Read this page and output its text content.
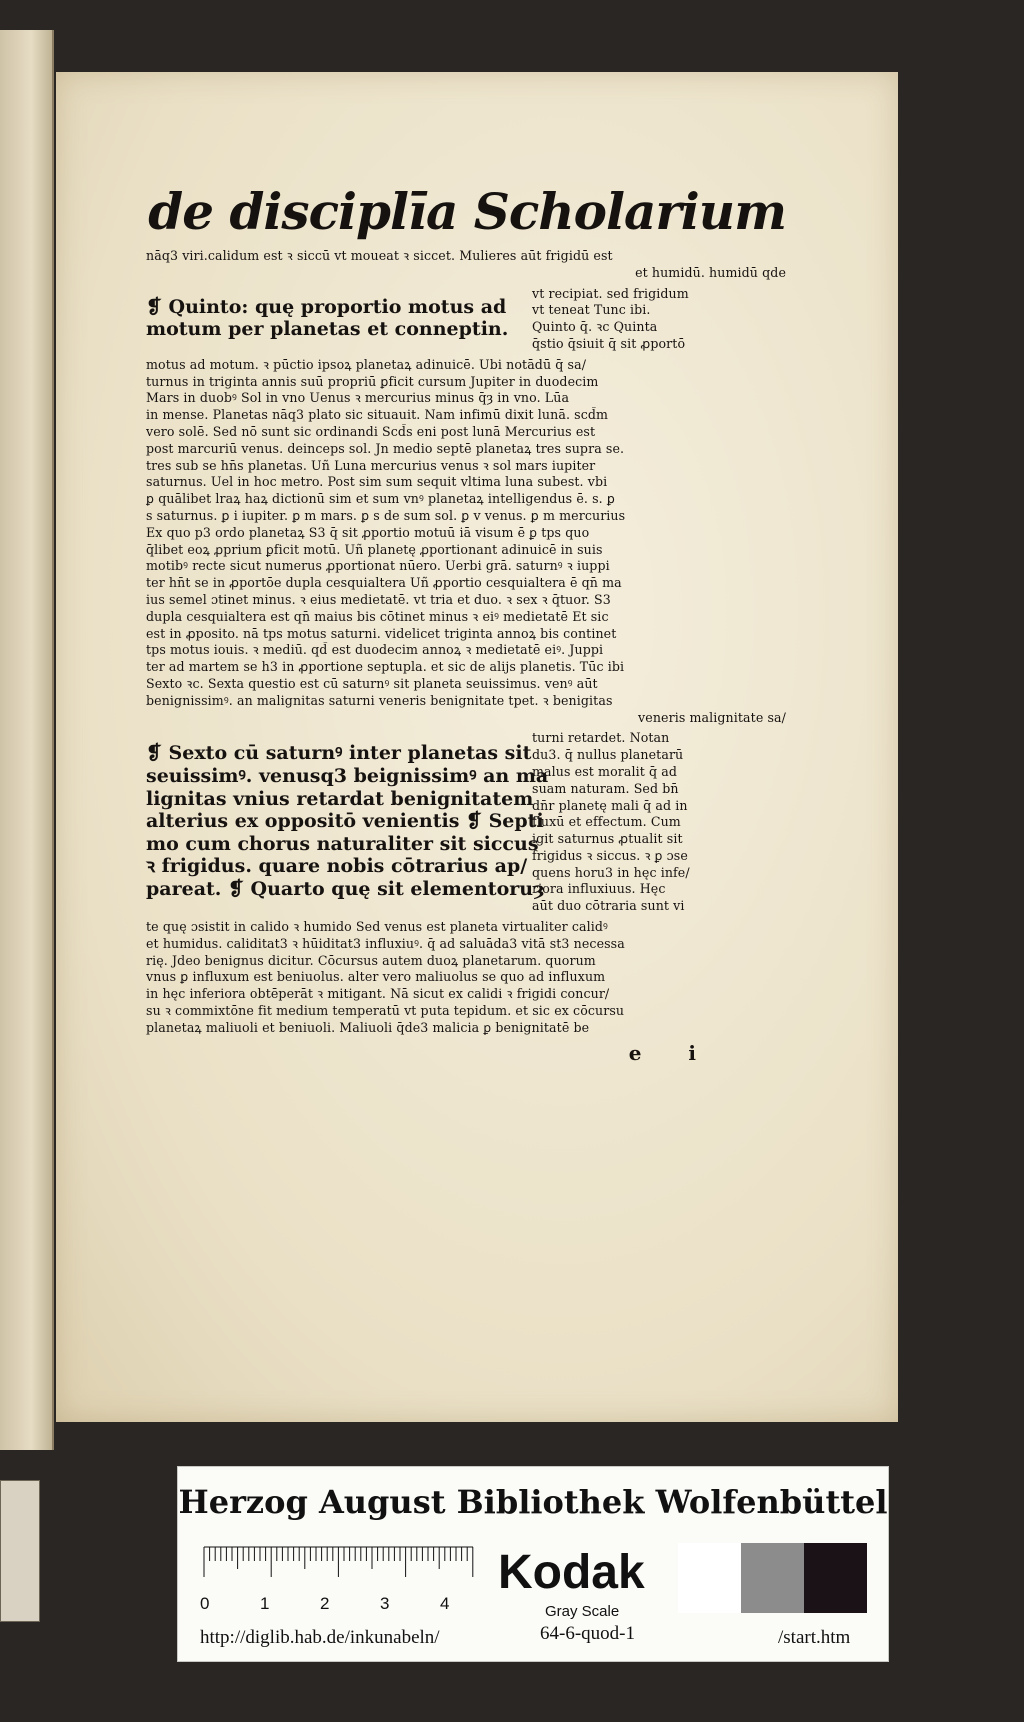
de disciplīa Scholarium
nāq3 viri.calidum est ꝛ siccū vt moueat ꝛ siccet. Mulieres aūt frigidū est
et humidū. humidū qde
❡ Quinto: quę proportio motus ad
motum per planetas et conneptin.
vt recipiat. sed frigidum
vt teneat Tunc ibi.
Quinto q̄. ꝛc Quinta
q̄stio q̄siuit q̄ sit ꝓportō
motus ad motum. ꝛ pūctio ipsoꝝ planetaꝝ adinuicē. Ubi notādū q̄ sa/
turnus in triginta annis suū propriū ꝑficit cursum Jupiter in duodecim
Mars in duobꝰ Sol in vno Uenus ꝛ mercurius minus q̄ȝ in vno. Lūa
in mense. Planetas nāq3 plato sic situauit. Nam infimū dixit lunā. scd̄m
vero solē. Sed nō sunt sic ordinandi Scd̄s eni post lunā Mercurius est
post marcuriū venus. deinceps sol. Jn medio septē planetaꝝ tres supra se.
tres sub se hn̄s planetas. Uñ Luna mercurius venus ꝛ sol mars iupiter
saturnus. Uel in hoc metro. Post sim sum sequit vltima luna subest. vbi
ꝑ quālibet lraꝝ haꝝ dictionū sim et sum vnꝰ planetaꝝ intelligendus ē. s. ꝑ
s saturnus. ꝑ i iupiter. ꝑ m mars. ꝑ s de sum sol. ꝑ v venus. ꝑ m mercurius
Ex quo p3 ordo planetaꝝ S3 q̄ sit ꝓportio motuū iā visum ē ꝑ tps quo
q̄libet eoꝝ ꝓprium ꝑficit motū. Uñ planetę ꝓportionant adinuicē in suis
motibꝰ recte sicut numerus ꝓportionat nūero. Uerbi grā. saturnꝰ ꝛ iuppi
ter hn̄t se in ꝓportōe dupla cesquialtera Uñ ꝓportio cesquialtera ē qn̄ ma
ius semel ɔtinet minus. ꝛ eius medietatē. vt tria et duo. ꝛ sex ꝛ q̄tuor. S3
dupla cesquialtera est qn̄ maius bis cōtinet minus ꝛ eiꝰ medietatē Et sic
est in ꝓposito. nā tps motus saturni. videlicet triginta annoꝝ bis continet
tps motus iouis. ꝛ mediū. qd̄ est duodecim annoꝝ ꝛ medietatē eiꝰ. Juppi
ter ad martem se h3 in ꝓportione septupla. et sic de alijs planetis. Tūc ibi
Sexto ꝛc. Sexta questio est cū saturnꝰ sit planeta seuissimus. venꝰ aūt
benignissimꝰ. an malignitas saturni veneris benignitate tpet. ꝛ benigitas
veneris malignitate sa/
❡ Sexto cū saturnꝰ inter planetas sit
seuissimꝰ. venusq3 beignissimꝰ an ma
lignitas vnius retardat benignitatem
alterius ex oppositō venientis ❡ Septi
mo cum chorus naturaliter sit siccus
ꝛ frigidus. quare nobis cōtrarius ap/
pareat. ❡ Quarto quę sit elementoruȝ
turni retardet. Notan
du3. q̄ nullus planetarū
malus est moralit q̄ ad
suam naturam. Sed bn̄
dn̄r planetę mali q̄ ad in
fluxū et effectum. Cum
igit saturnus ꝓtualit sit
frigidus ꝛ siccus. ꝛ ꝑ ɔse
quens horu3 in hęc infe/
riora influxiuus. Hęc
aūt duo cōtraria sunt vi
te quę ɔsistit in calido ꝛ humido Sed venus est planeta virtualiter calidꝰ
et humidus. caliditat3 ꝛ hūiditat3 influxiuꝰ. q̄ ad saluāda3 vitā st3 necessa
rię. Jdeo benignus dicitur. Cōcursus autem duoꝝ planetarum. quorum
vnus ꝑ influxum est beniuolus. alter vero maliuolus se quo ad influxum
in hęc inferiora obtēperāt ꝛ mitigant. Nā sicut ex calidi ꝛ frigidi concur/
su ꝛ commixtōne fit medium temperatū vt puta tepidum. et sic ex cōcursu
planetaꝝ maliuoli et beniuoli. Maliuoli q̄de3 malicia ꝑ benignitatē be
e i
Herzog August Bibliothek Wolfenbüttel
0	1	2	3	4
Kodak
Gray Scale
http://diglib.hab.de/inkunabeln/	64-6-quod-1	/start.htm
